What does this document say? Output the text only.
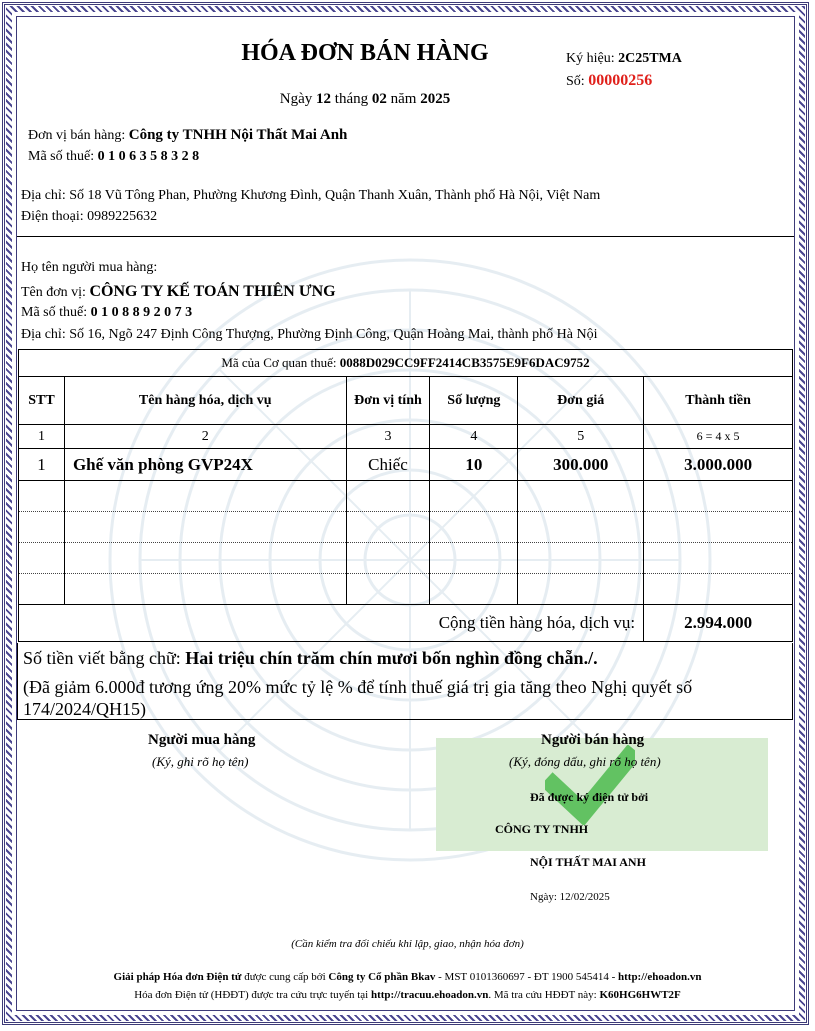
HÓA ĐƠN BÁN HÀNG
Ngày 12 tháng 02 năm 2025
Ký hiệu: 2C25TMA
Số: 00000256
Đơn vị bán hàng: Công ty TNHH Nội Thất Mai Anh
Mã số thuế: 0 1 0 6 3 5 8 3 2 8
Địa chỉ: Số 18 Vũ Tông Phan, Phường Khương Đình, Quận Thanh Xuân, Thành phố Hà Nội, Việt Nam
Điện thoại: 0989225632
Họ tên người mua hàng:
Tên đơn vị: CÔNG TY KẾ TOÁN THIÊN ƯNG
Mã số thuế: 0 1 0 8 8 9 2 0 7 3
Địa chỉ: Số 16, Ngõ 247 Định Công Thượng, Phường Định Công, Quận Hoàng Mai, thành phố Hà Nội
Mã của Cơ quan thuế: 0088D029CC9FF2414CB3575E9F6DAC9752					
STT	Tên hàng hóa, dịch vụ	Đơn vị tính	Số lượng	Đơn giá	Thành tiền
1	2	3	4	5	6 = 4 x 5
1	Ghế văn phòng GVP24X	Chiếc	10	300.000	3.000.000

Cộng tiền hàng hóa, dịch vụ:					2.994.000
Số tiền viết bằng chữ: Hai triệu chín trăm chín mươi bốn nghìn đồng chẵn./.
(Đã giảm 6.000đ tương ứng 20% mức tỷ lệ % để tính thuế giá trị gia tăng theo Nghị quyết số 174/2024/QH15)
Người mua hàng
(Ký, ghi rõ họ tên)
Người bán hàng
(Ký, đóng dấu, ghi rõ họ tên)
Đã được ký điện tử bởi
CÔNG TY TNHH
NỘI THẤT MAI ANH
Ngày: 12/02/2025
(Cần kiểm tra đối chiếu khi lập, giao, nhận hóa đơn)
Giải pháp Hóa đơn Điện tử được cung cấp bởi Công ty Cổ phần Bkav - MST 0101360697 - ĐT 1900 545414 - http://ehoadon.vn
Hóa đơn Điện tử (HĐĐT) được tra cứu trực tuyến tại http://tracuu.ehoadon.vn. Mã tra cứu HĐĐT này: K60HG6HWT2F
